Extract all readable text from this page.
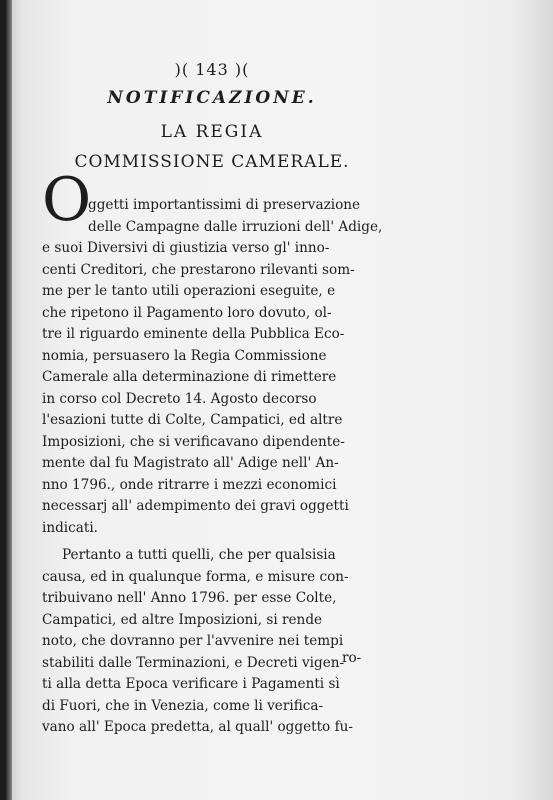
)( 143 )(
NOTIFICAZIONE.
LA REGIA
COMMISSIONE CAMERALE.
O
ggetti importantissimi di preservazione
delle Campagne dalle irruzioni dell' Adige,
e suoi Diversivi di giustizia verso gl' inno-
centi Creditori, che prestarono rilevanti som-
me per le tanto utili operazioni eseguite, e
che ripetono il Pagamento loro dovuto, ol-
tre il riguardo eminente della Pubblica Eco-
nomia, persuasero la Regia Commissione
Camerale alla determinazione di rimettere
in corso col Decreto 14. Agosto decorso
l'esazioni tutte di Colte, Campatici, ed altre
Imposizioni, che si verificavano dipendente-
mente dal fu Magistrato all' Adige nell' An-
nno 1796., onde ritrarre i mezzi economici
necessarj all' adempimento dei gravi oggetti
indicati.
Pertanto a tutti quelli, che per qualsisia
causa, ed in qualunque forma, e misure con-
tribuivano nell' Anno 1796. per esse Colte,
Campatici, ed altre Imposizioni, si rende
noto, che dovranno per l'avvenire nei tempi
stabiliti dalle Terminazioni, e Decreti vigen-
ti alla detta Epoca verificare i Pagamenti sì
di Fuori, che in Venezia, come li verifica-
vano all' Epoca predetta, al quall' oggetto fu-
ro-
